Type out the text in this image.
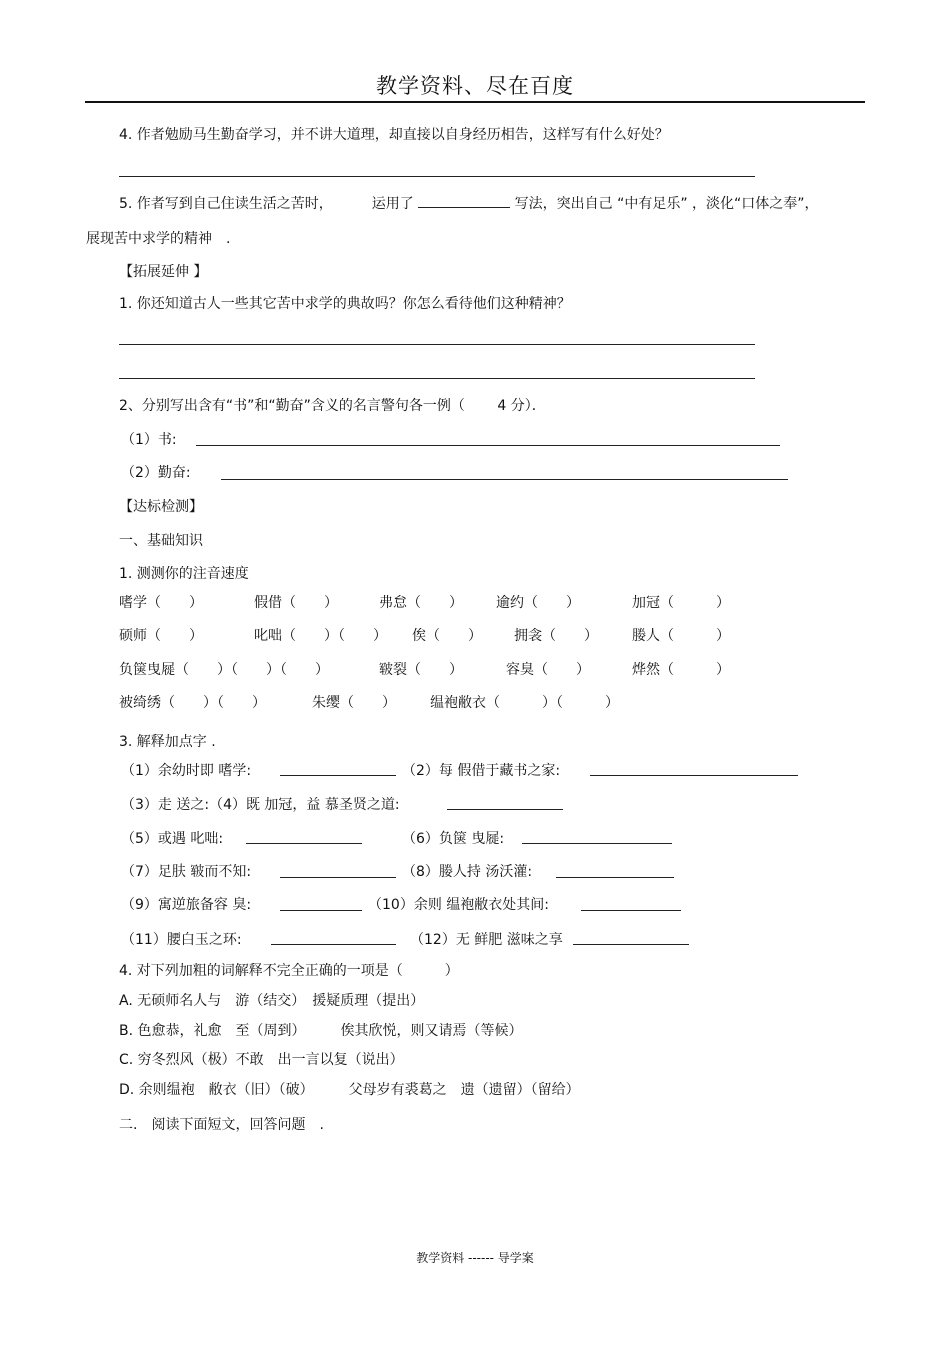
教学资料、尽在百度
4. 作者勉励马生勤奋学习，并不讲大道理，却直接以自身经历相告，这样写有什么好处？
5. 作者写到自己住读生活之苦时，	运用了	写法，突出自己 “中有足乐” ，淡化“口体之奉”，
展现苦中求学的精神　.
【拓展延伸 】
1. 你还知道古人一些其它苦中求学的典故吗？你怎么看待他们这种精神？
2、分别写出含有“书”和“勤奋”含义的名言警句各一例（　　 4 分）．
（1）书:
（2）勤奋:
【达标检测】
一、基础知识
1. 测测你的注音速度
嗜学（　　）	假借（　　）	弗怠（　　） 逾约（　　）	加冠（　　　）
硕师（　　）	叱咄（　　）（　　） 俟（　　） 拥衾（　　） 媵人（　　　）
负箧曳屣（　　）（　　）（　　）	皲裂（　　）	容臭（　　）	烨然（　　　）
被绮绣（　　）（　　）	朱缨（　　） 缊袍敝衣（　　　）（　　　）
3. 解释加点字 .
（1）余幼时即 嗜学:	（2）每 假借于藏书之家:
（3）走 送之:（4）既 加冠，益 慕圣贤之道:
（5）或遇 叱咄:	（6）负箧 曳屣:
（7）足肤 皲而不知:	（8）媵人持 汤沃灌:
（9）寓逆旅备容 臭:	（10）余则 缊袍敝衣处其间:
（11）腰白玉之环:	（12）无 鲜肥 滋味之享
4. 对下列加粗的词解释不完全正确的一项是（　　　）
A. 无硕师名人与　游（结交）　援疑质理（提出）
B. 色愈恭，礼愈　至（周到）　　　俟其欣悦，则又请焉（等候）
C. 穷冬烈风（极）不敢　出一言以复（说出）
D. 余则缊袍　敝衣（旧）（破）　　　父母岁有裘葛之　遗（遗留）（留给）
二.　阅读下面短文，回答问题　.
教学资料 ------ 导学案
